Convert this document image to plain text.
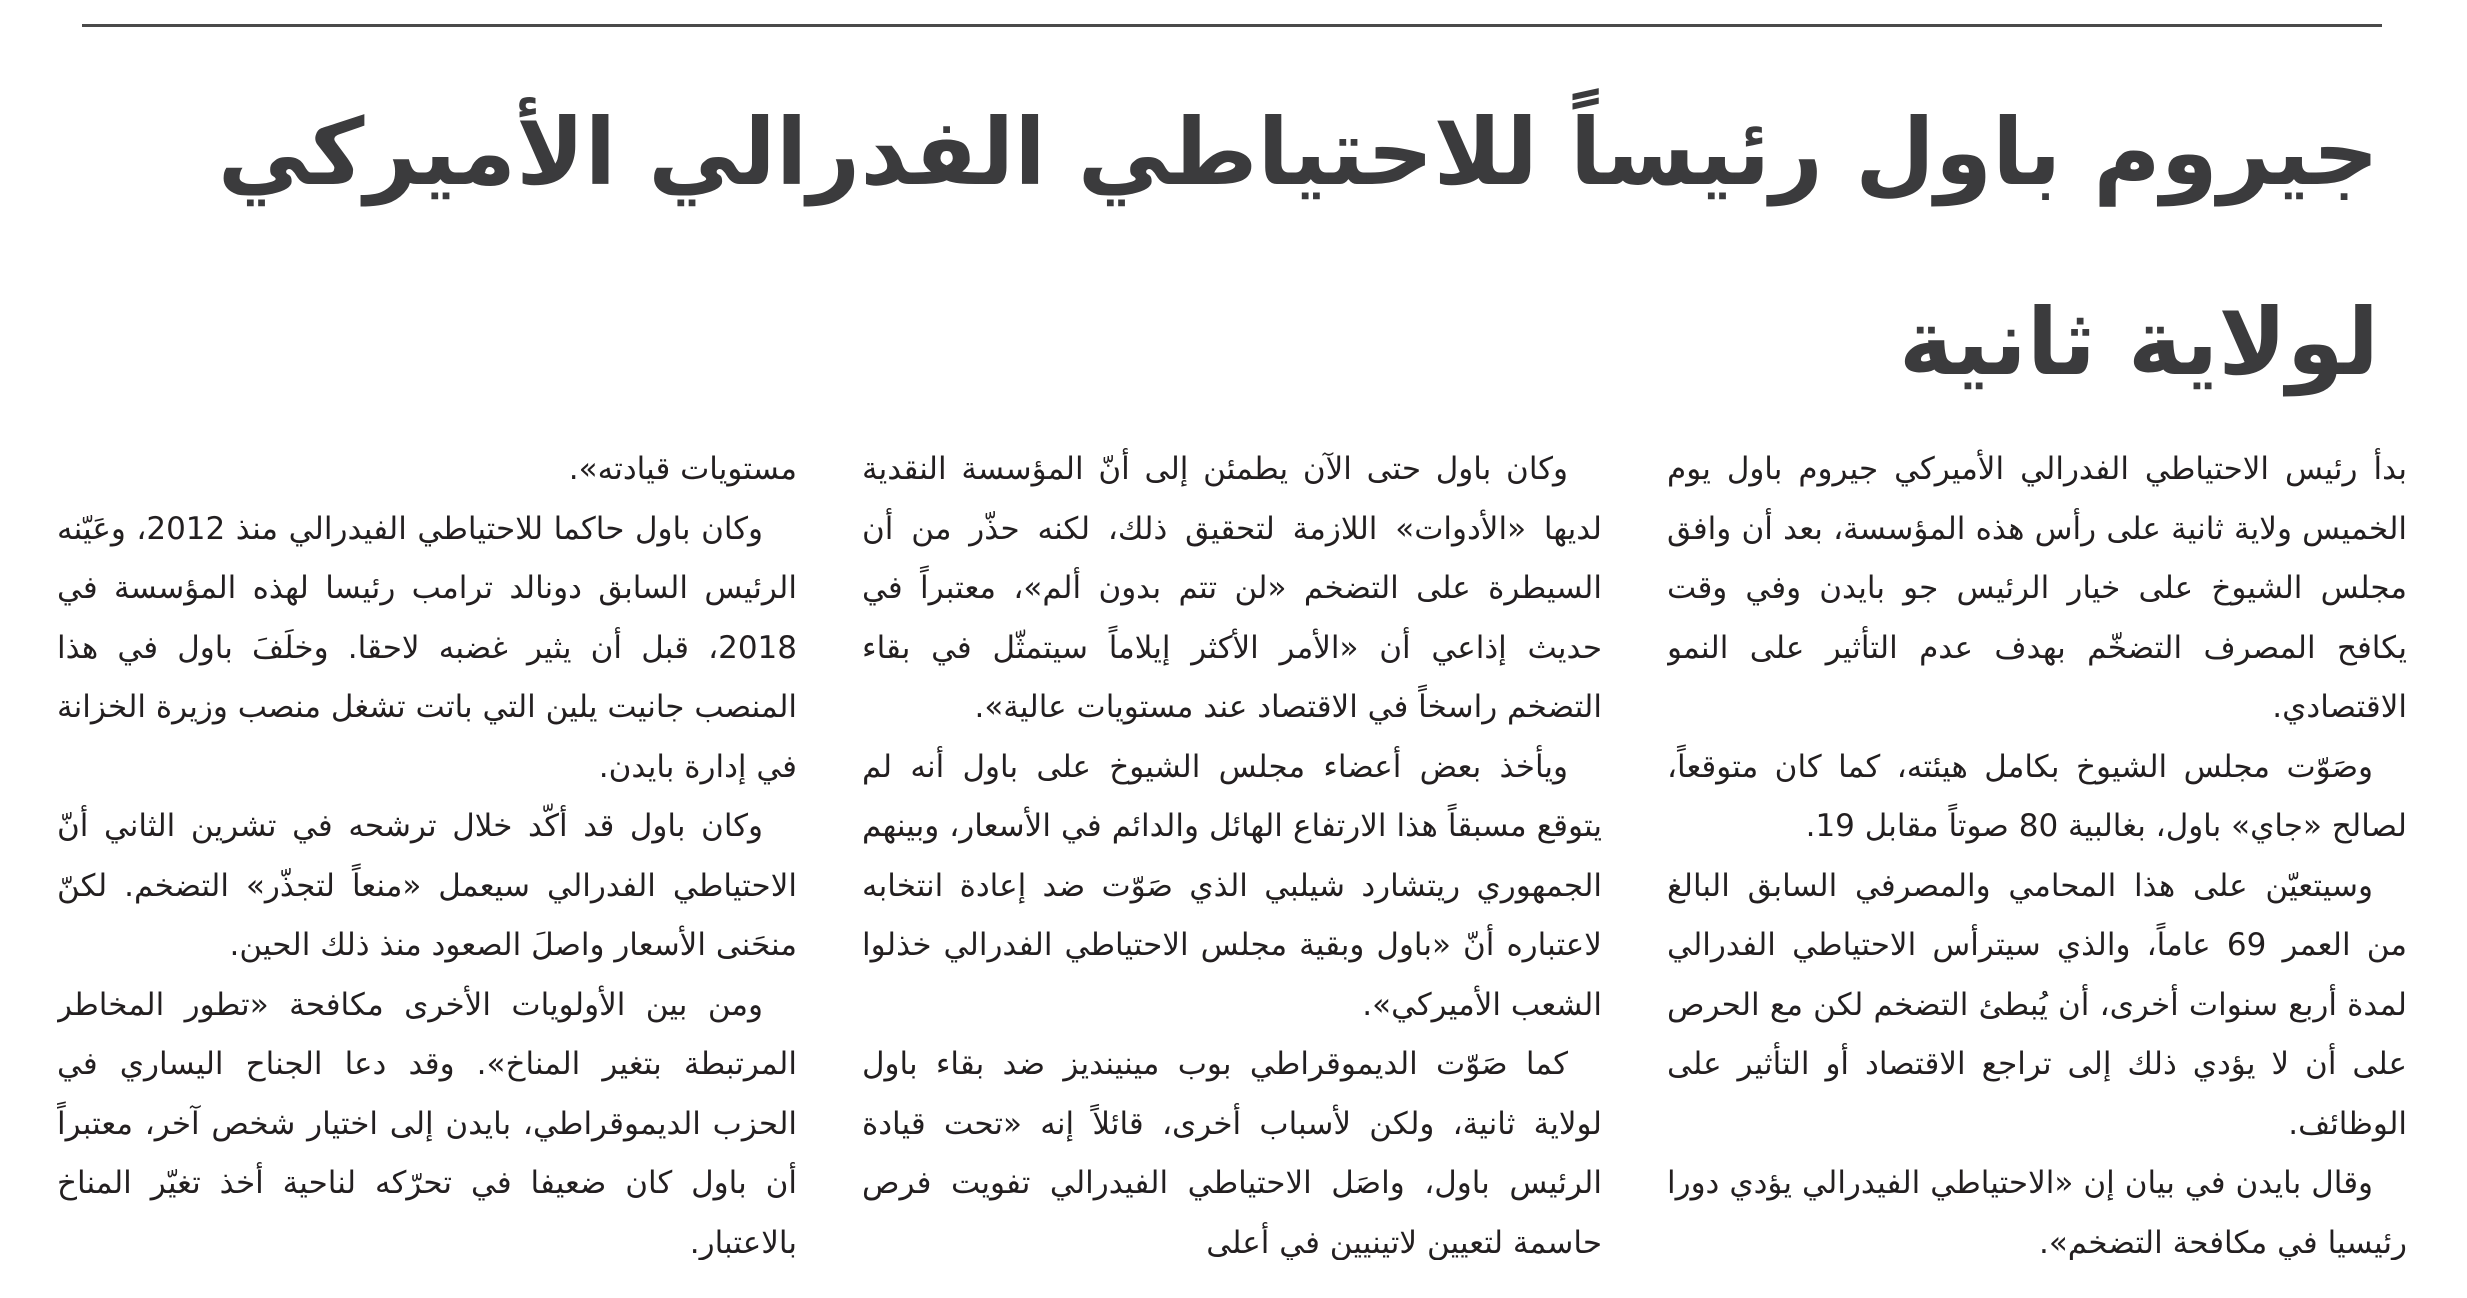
جيروم باول رئيساً للاحتياطي الفدرالي الأميركي لولاية ثانية

بدأ رئيس الاحتياطي الفدرالي الأميركي جيروم باول يوم الخميس ولاية ثانية على رأس هذه المؤسسة، بعد أن وافق مجلس الشيوخ على خيار الرئيس جو بايدن وفي وقت يكافح المصرف التضخّم بهدف عدم التأثير على النمو الاقتصادي.

وصَوّت مجلس الشيوخ بكامل هيئته، كما كان متوقعاً، لصالح «جاي» باول، بغالبية 80 صوتاً مقابل 19.

وسيتعيّن على هذا المحامي والمصرفي السابق البالغ من العمر 69 عاماً، والذي سيترأس الاحتياطي الفدرالي لمدة أربع سنوات أخرى، أن يُبطئ التضخم لكن مع الحرص على أن لا يؤدي ذلك إلى تراجع الاقتصاد أو التأثير على الوظائف.

وقال بايدن في بيان إن «الاحتياطي الفيدرالي يؤدي دورا رئيسيا في مكافحة التضخم».

وكان باول حتى الآن يطمئن إلى أنّ المؤسسة النقدية لديها «الأدوات» اللازمة لتحقيق ذلك، لكنه حذّر من أن السيطرة على التضخم «لن تتم بدون ألم»، معتبراً في حديث إذاعي أن «الأمر الأكثر إيلاماً سيتمثّل في بقاء التضخم راسخاً في الاقتصاد عند مستويات عالية».

ويأخذ بعض أعضاء مجلس الشيوخ على باول أنه لم يتوقع مسبقاً هذا الارتفاع الهائل والدائم في الأسعار، وبينهم الجمهوري ريتشارد شيلبي الذي صَوّت ضد إعادة انتخابه لاعتباره أنّ «باول وبقية مجلس الاحتياطي الفدرالي خذلوا الشعب الأميركي».

كما صَوّت الديموقراطي بوب مينينديز ضد بقاء باول لولاية ثانية، ولكن لأسباب أخرى، قائلاً إنه «تحت قيادة الرئيس باول، واصَل الاحتياطي الفيدرالي تفويت فرص حاسمة لتعيين لاتينيين في أعلى

مستويات قيادته».

وكان باول حاكما للاحتياطي الفيدرالي منذ 2012، وعَيّنه الرئيس السابق دونالد ترامب رئيسا لهذه المؤسسة في 2018، قبل أن يثير غضبه لاحقا. وخلَفَ باول في هذا المنصب جانيت يلين التي باتت تشغل منصب وزيرة الخزانة في إدارة بايدن.

وكان باول قد أكّد خلال ترشحه في تشرين الثاني أنّ الاحتياطي الفدرالي سيعمل «منعاً لتجذّر» التضخم. لكنّ منحَنى الأسعار واصلَ الصعود منذ ذلك الحين.

ومن بين الأولويات الأخرى مكافحة «تطور المخاطر المرتبطة بتغير المناخ». وقد دعا الجناح اليساري في الحزب الديموقراطي، بايدن إلى اختيار شخص آخر، معتبراً أن باول كان ضعيفا في تحرّكه لناحية أخذ تغيّر المناخ بالاعتبار.
